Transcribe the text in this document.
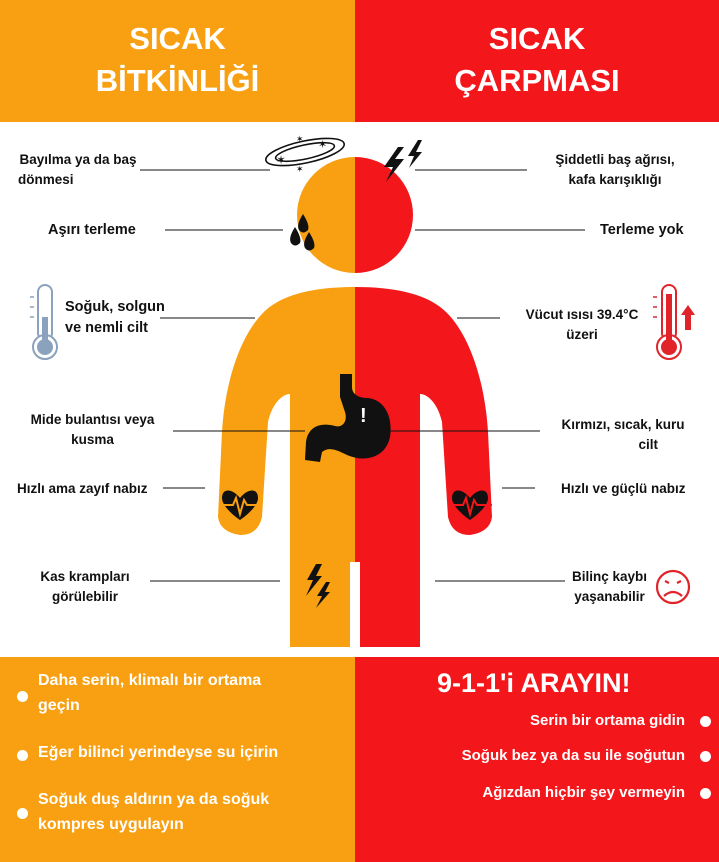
SICAK
BİTKİNLİĞİ
SICAK
ÇARPMASI
✶
✶
✶
✶
!
Bayılma ya da baş
dönmesi
Aşırı terleme
Soğuk, solgun
ve nemli cilt
Mide bulantısı veya
kusma
Hızlı ama zayıf nabız
Kas krampları
görülebilir
Şiddetli baş ağrısı,
kafa karışıklığı
Terleme yok
Vücut ısısı 39.4°C
üzeri
Kırmızı, sıcak, kuru
cilt
Hızlı ve güçlü nabız
Bilinç kaybı
yaşanabilir
Daha serin, klimalı bir ortama
geçin
Eğer bilinci yerindeyse su içirin
Soğuk duş aldırın ya da soğuk
kompres uygulayın
9-1-1'i ARAYIN!
Serin bir ortama gidin
Soğuk bez ya da su ile soğutun
Ağızdan hiçbir şey vermeyin
